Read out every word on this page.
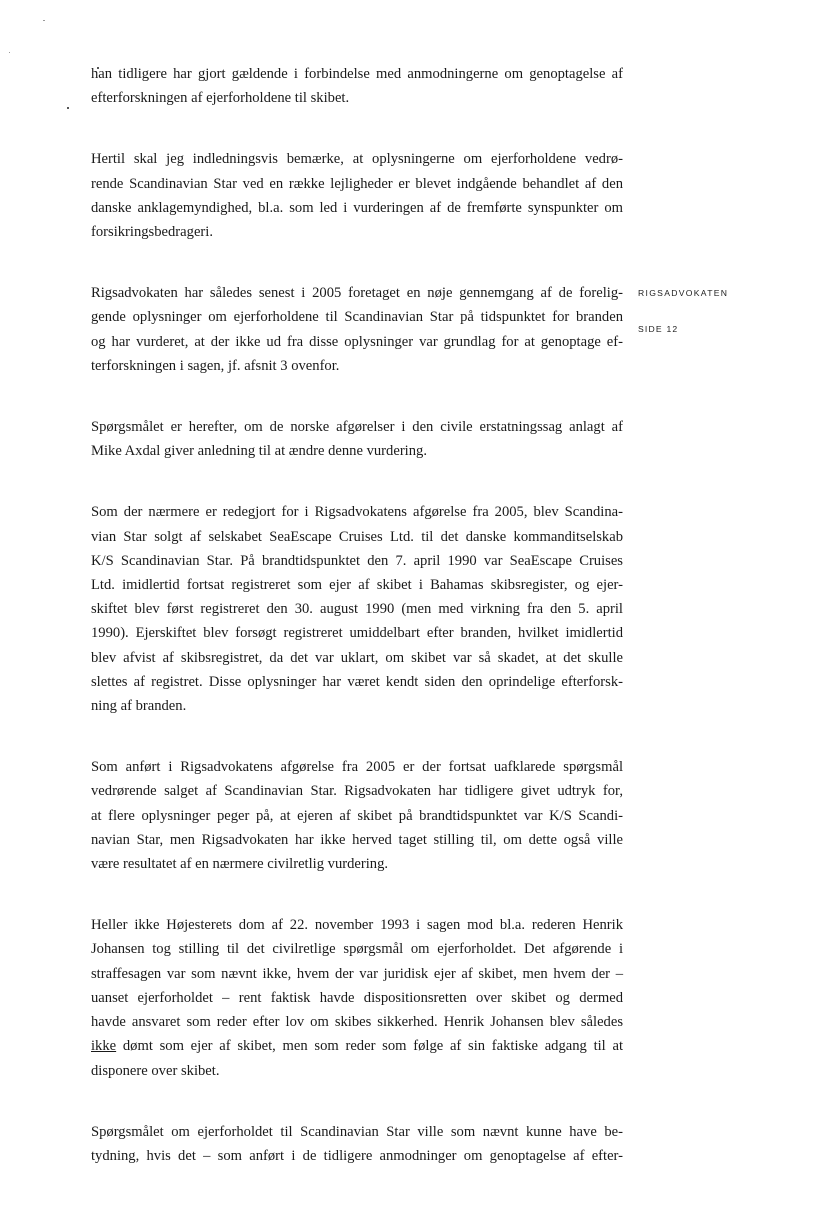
han tidligere har gjort gældende i forbindelse med anmodningerne om genoptagelse af
efterforskningen af ejerforholdene til skibet.

Hertil skal jeg indledningsvis bemærke, at oplysningerne om ejerforholdene vedrø-
rende Scandinavian Star ved en række lejligheder er blevet indgående behandlet af den
danske anklagemyndighed, bl.a. som led i vurderingen af de fremførte synspunkter om
forsikringsbedrageri.

Rigsadvokaten har således senest i 2005 foretaget en nøje gennemgang af de forelig-
gende oplysninger om ejerforholdene til Scandinavian Star på tidspunktet for branden
og har vurderet, at der ikke ud fra disse oplysninger var grundlag for at genoptage ef-
terforskningen i sagen, jf. afsnit 3 ovenfor.

Spørgsmålet er herefter, om de norske afgørelser i den civile erstatningssag anlagt af
Mike Axdal giver anledning til at ændre denne vurdering.

Som der nærmere er redegjort for i Rigsadvokatens afgørelse fra 2005, blev Scandina-
vian Star solgt af selskabet SeaEscape Cruises Ltd. til det danske kommanditselskab
K/S Scandinavian Star. På brandtidspunktet den 7. april 1990 var SeaEscape Cruises
Ltd. imidlertid fortsat registreret som ejer af skibet i Bahamas skibsregister, og ejer-
skiftet blev først registreret den 30. august 1990 (men med virkning fra den 5. april
1990). Ejerskiftet blev forsøgt registreret umiddelbart efter branden, hvilket imidlertid
blev afvist af skibsregistret, da det var uklart, om skibet var så skadet, at det skulle
slettes af registret. Disse oplysninger har været kendt siden den oprindelige efterforsk-
ning af branden.

Som anført i Rigsadvokatens afgørelse fra 2005 er der fortsat uafklarede spørgsmål
vedrørende salget af Scandinavian Star. Rigsadvokaten har tidligere givet udtryk for,
at flere oplysninger peger på, at ejeren af skibet på brandtidspunktet var K/S Scandi-
navian Star, men Rigsadvokaten har ikke herved taget stilling til, om dette også ville
være resultatet af en nærmere civilretlig vurdering.

Heller ikke Højesterets dom af 22. november 1993 i sagen mod bl.a. rederen Henrik
Johansen tog stilling til det civilretlige spørgsmål om ejerforholdet. Det afgørende i
straffesagen var som nævnt ikke, hvem der var juridisk ejer af skibet, men hvem der –
uanset ejerforholdet – rent faktisk havde dispositionsretten over skibet og dermed
havde ansvaret som reder efter lov om skibes sikkerhed. Henrik Johansen blev således
ikke dømt som ejer af skibet, men som reder som følge af sin faktiske adgang til at
disponere over skibet.

Spørgsmålet om ejerforholdet til Scandinavian Star ville som nævnt kunne have be-
tydning, hvis det – som anført i de tidligere anmodninger om genoptagelse af efter-

RIGSADVOKATEN

SIDE 12
